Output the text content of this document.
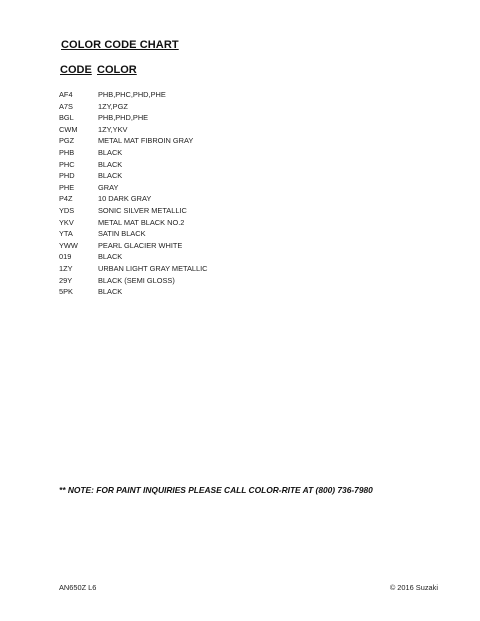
COLOR CODE CHART
CODE COLOR
AF4	PHB,PHC,PHD,PHE
A7S	1ZY,PGZ
BGL	PHB,PHD,PHE
CWM	1ZY,YKV
PGZ	METAL MAT FIBROIN GRAY
PHB	BLACK
PHC	BLACK
PHD	BLACK
PHE	GRAY
P4Z	10 DARK GRAY
YDS	SONIC SILVER METALLIC
YKV	METAL MAT BLACK NO.2
YTA	SATIN BLACK
YWW	PEARL GLACIER WHITE
019	BLACK
1ZY	URBAN LIGHT GRAY METALLIC
29Y	BLACK (SEMI GLOSS)
5PK	BLACK
** NOTE: FOR PAINT INQUIRIES PLEASE CALL COLOR-RITE AT (800) 736-7980
AN650Z L6	© 2016 Suzaki
